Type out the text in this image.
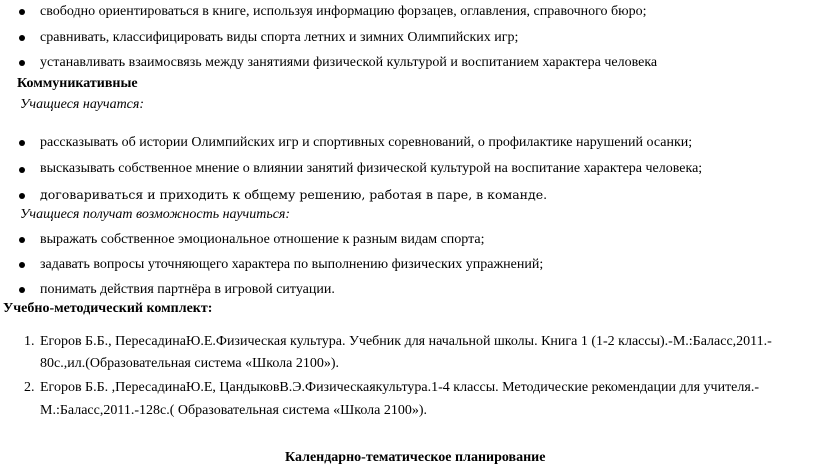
свободно ориентироваться в книге, используя информацию форзацев, оглавления, справочного бюро;
сравнивать, классифицировать виды спорта летних и зимних Олимпийских игр;
устанавливать взаимосвязь между занятиями физической культурой и воспитанием характера человека
Коммуникативные
Учащиеся научатся:
рассказывать об истории Олимпийских игр и спортивных соревнований, о профилактике нарушений осанки;
высказывать собственное мнение о влиянии занятий физической культурой на воспитание характера человека;
договариваться и приходить к общему решению, работая в паре, в команде.
Учащиеся получат возможность научиться:
выражать собственное эмоциональное отношение к разным видам спорта;
задавать вопросы уточняющего характера по выполнению физических упражнений;
понимать действия партнёра в игровой ситуации.
Учебно-методический комплект:
1. Егоров Б.Б., ПересадинаЮ.Е.Физическая культура. Учебник для начальной школы. Книга 1 (1-2 классы).-М.:Баласс,2011.-
80с.,ил.(Образовательная система «Школа 2100»).
2. Егоров Б.Б. ,ПересадинаЮ.Е, ЦандыковВ.Э.Физическаякультура.1-4 классы. Методические рекомендации для учителя.-
М.:Баласс,2011.-128с.( Образовательная система «Школа 2100»).
Календарно-тематическое планирование
